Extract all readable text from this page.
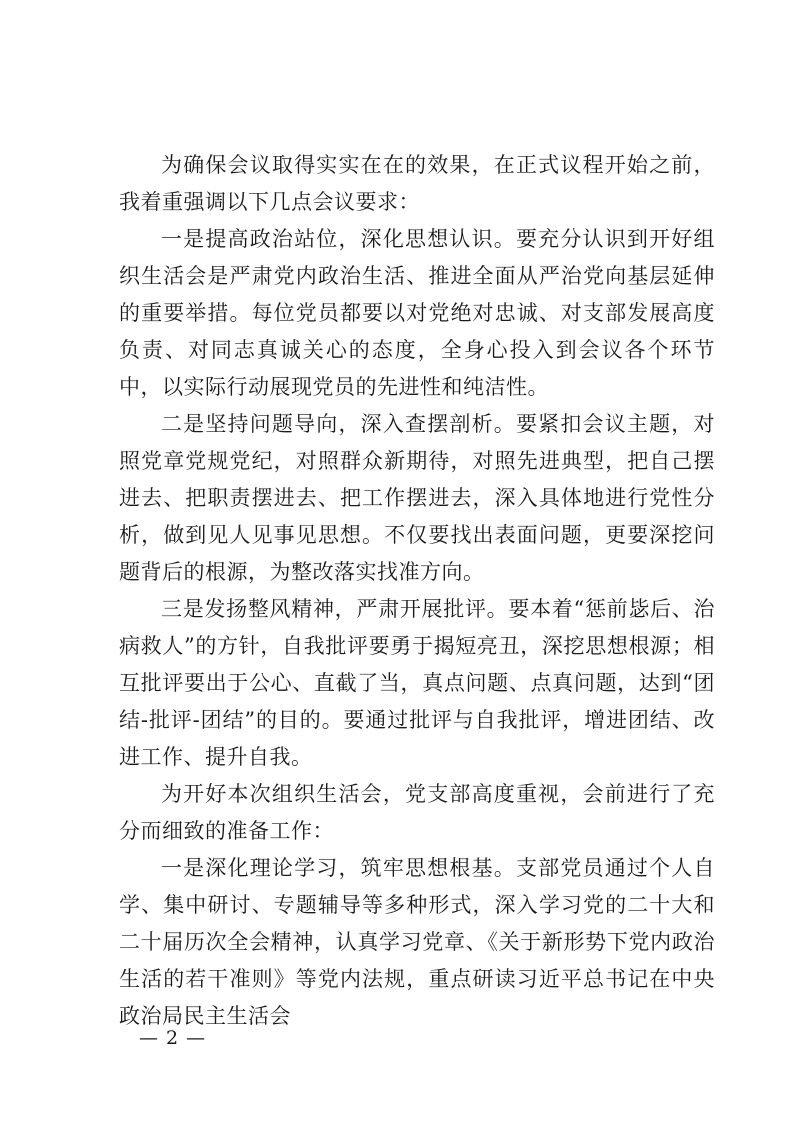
为确保会议取得实实在在的效果，在正式议程开始之前，我着重强调以下几点会议要求：

一是提高政治站位，深化思想认识。要充分认识到开好组织生活会是严肃党内政治生活、推进全面从严治党向基层延伸的重要举措。每位党员都要以对党绝对忠诚、对支部发展高度负责、对同志真诚关心的态度，全身心投入到会议各个环节中，以实际行动展现党员的先进性和纯洁性。

二是坚持问题导向，深入查摆剖析。要紧扣会议主题，对照党章党规党纪，对照群众新期待，对照先进典型，把自己摆进去、把职责摆进去、把工作摆进去，深入具体地进行党性分析，做到见人见事见思想。不仅要找出表面问题，更要深挖问题背后的根源，为整改落实找准方向。

三是发扬整风精神，严肃开展批评。要本着“惩前毖后、治病救人”的方针，自我批评要勇于揭短亮丑，深挖思想根源；相互批评要出于公心、直截了当，真点问题、点真问题，达到“团结-批评-团结”的目的。要通过批评与自我批评，增进团结、改进工作、提升自我。

为开好本次组织生活会，党支部高度重视，会前进行了充分而细致的准备工作：

一是深化理论学习，筑牢思想根基。支部党员通过个人自学、集中研讨、专题辅导等多种形式，深入学习党的二十大和二十届历次全会精神，认真学习党章、《关于新形势下党内政治生活的若干准则》等党内法规，重点研读习近平总书记在中央政治局民主生活会

— 2 —
